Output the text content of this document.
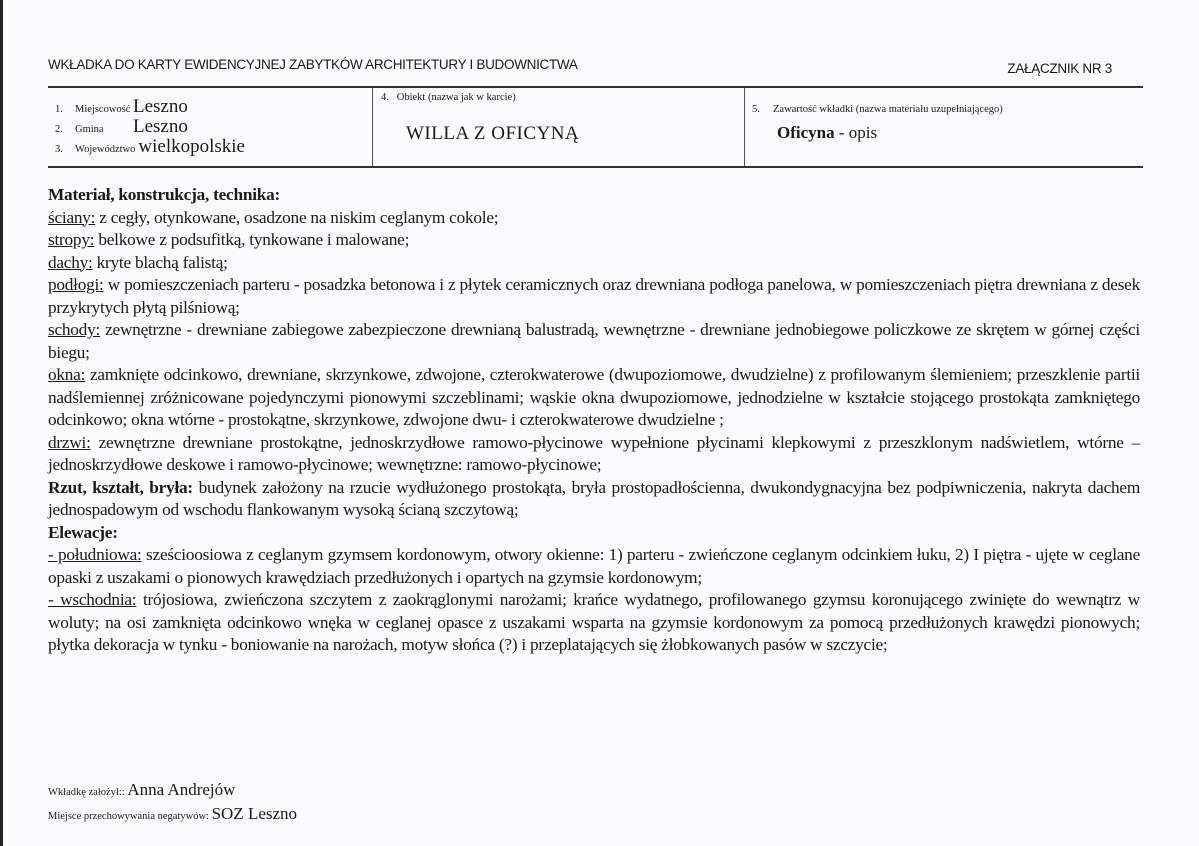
WKŁADKA DO KARTY EWIDENCYJNEJ ZABYTKÓW ARCHITEKTURY I BUDOWNICTWA	ZAŁĄCZNIK NR 3
1.	Miejscowość Leszno
2.	Gmina	Leszno
3.	Województwo wielkopolskie
4. Obiekt (nazwa jak w karcie)
WILLA Z OFICYNĄ
5. Zawartość wkładki (nazwa materiału uzupełniającego)
Oficyna - opis

Materiał, konstrukcja, technika:

ściany: z cegły, otynkowane, osadzone na niskim ceglanym cokole;

stropy: belkowe z podsufitką, tynkowane i malowane;

dachy: kryte blachą falistą;

podłogi: w pomieszczeniach parteru - posadzka betonowa i z płytek ceramicznych oraz drewniana podłoga panelowa, w pomieszczeniach piętra drewniana z desek przykrytych płytą pilśniową;

schody: zewnętrzne - drewniane zabiegowe zabezpieczone drewnianą balustradą, wewnętrzne - drewniane jednobiegowe policzkowe ze skrętem w górnej części biegu;

okna: zamknięte odcinkowo, drewniane, skrzynkowe, zdwojone, czterokwaterowe (dwupoziomowe, dwudzielne) z profilowanym ślemieniem; przeszklenie partii nadślemiennej zróżnicowane pojedynczymi pionowymi szczeblinami; wąskie okna dwupoziomowe, jednodzielne w kształcie stojącego prostokąta zamkniętego odcinkowo; okna wtórne - prostokątne, skrzynkowe, zdwojone dwu- i czterokwaterowe dwudzielne ;

drzwi: zewnętrzne drewniane prostokątne, jednoskrzydłowe ramowo-płycinowe wypełnione płycinami klepkowymi z przeszklonym nadświetlem, wtórne – jednoskrzydłowe deskowe i ramowo-płycinowe; wewnętrzne: ramowo-płycinowe;

Rzut, kształt, bryła: budynek założony na rzucie wydłużonego prostokąta, bryła prostopadłościenna, dwukondygnacyjna bez podpiwniczenia, nakryta dachem jednospadowym od wschodu flankowanym wysoką ścianą szczytową;

Elewacje:

- południowa: sześcioosiowa z ceglanym gzymsem kordonowym, otwory okienne: 1) parteru - zwieńczone ceglanym odcinkiem łuku, 2) I piętra - ujęte w ceglane opaski z uszakami o pionowych krawędziach przedłużonych i opartych na gzymsie kordonowym;

- wschodnia: trójosiowa, zwieńczona szczytem z zaokrąglonymi narożami; krańce wydatnego, profilowanego gzymsu koronującego zwinięte do wewnątrz w woluty; na osi zamknięta odcinkowo wnęka w ceglanej opasce z uszakami wsparta na gzymsie kordonowym za pomocą przedłużonych krawędzi pionowych; płytka dekoracja w tynku - boniowanie na narożach, motyw słońca (?) i przeplatających się żłobkowanych pasów w szczycie;

Wkładkę założył:: Anna Andrejów
Miejsce przechowywania negatywów: SOZ Leszno
